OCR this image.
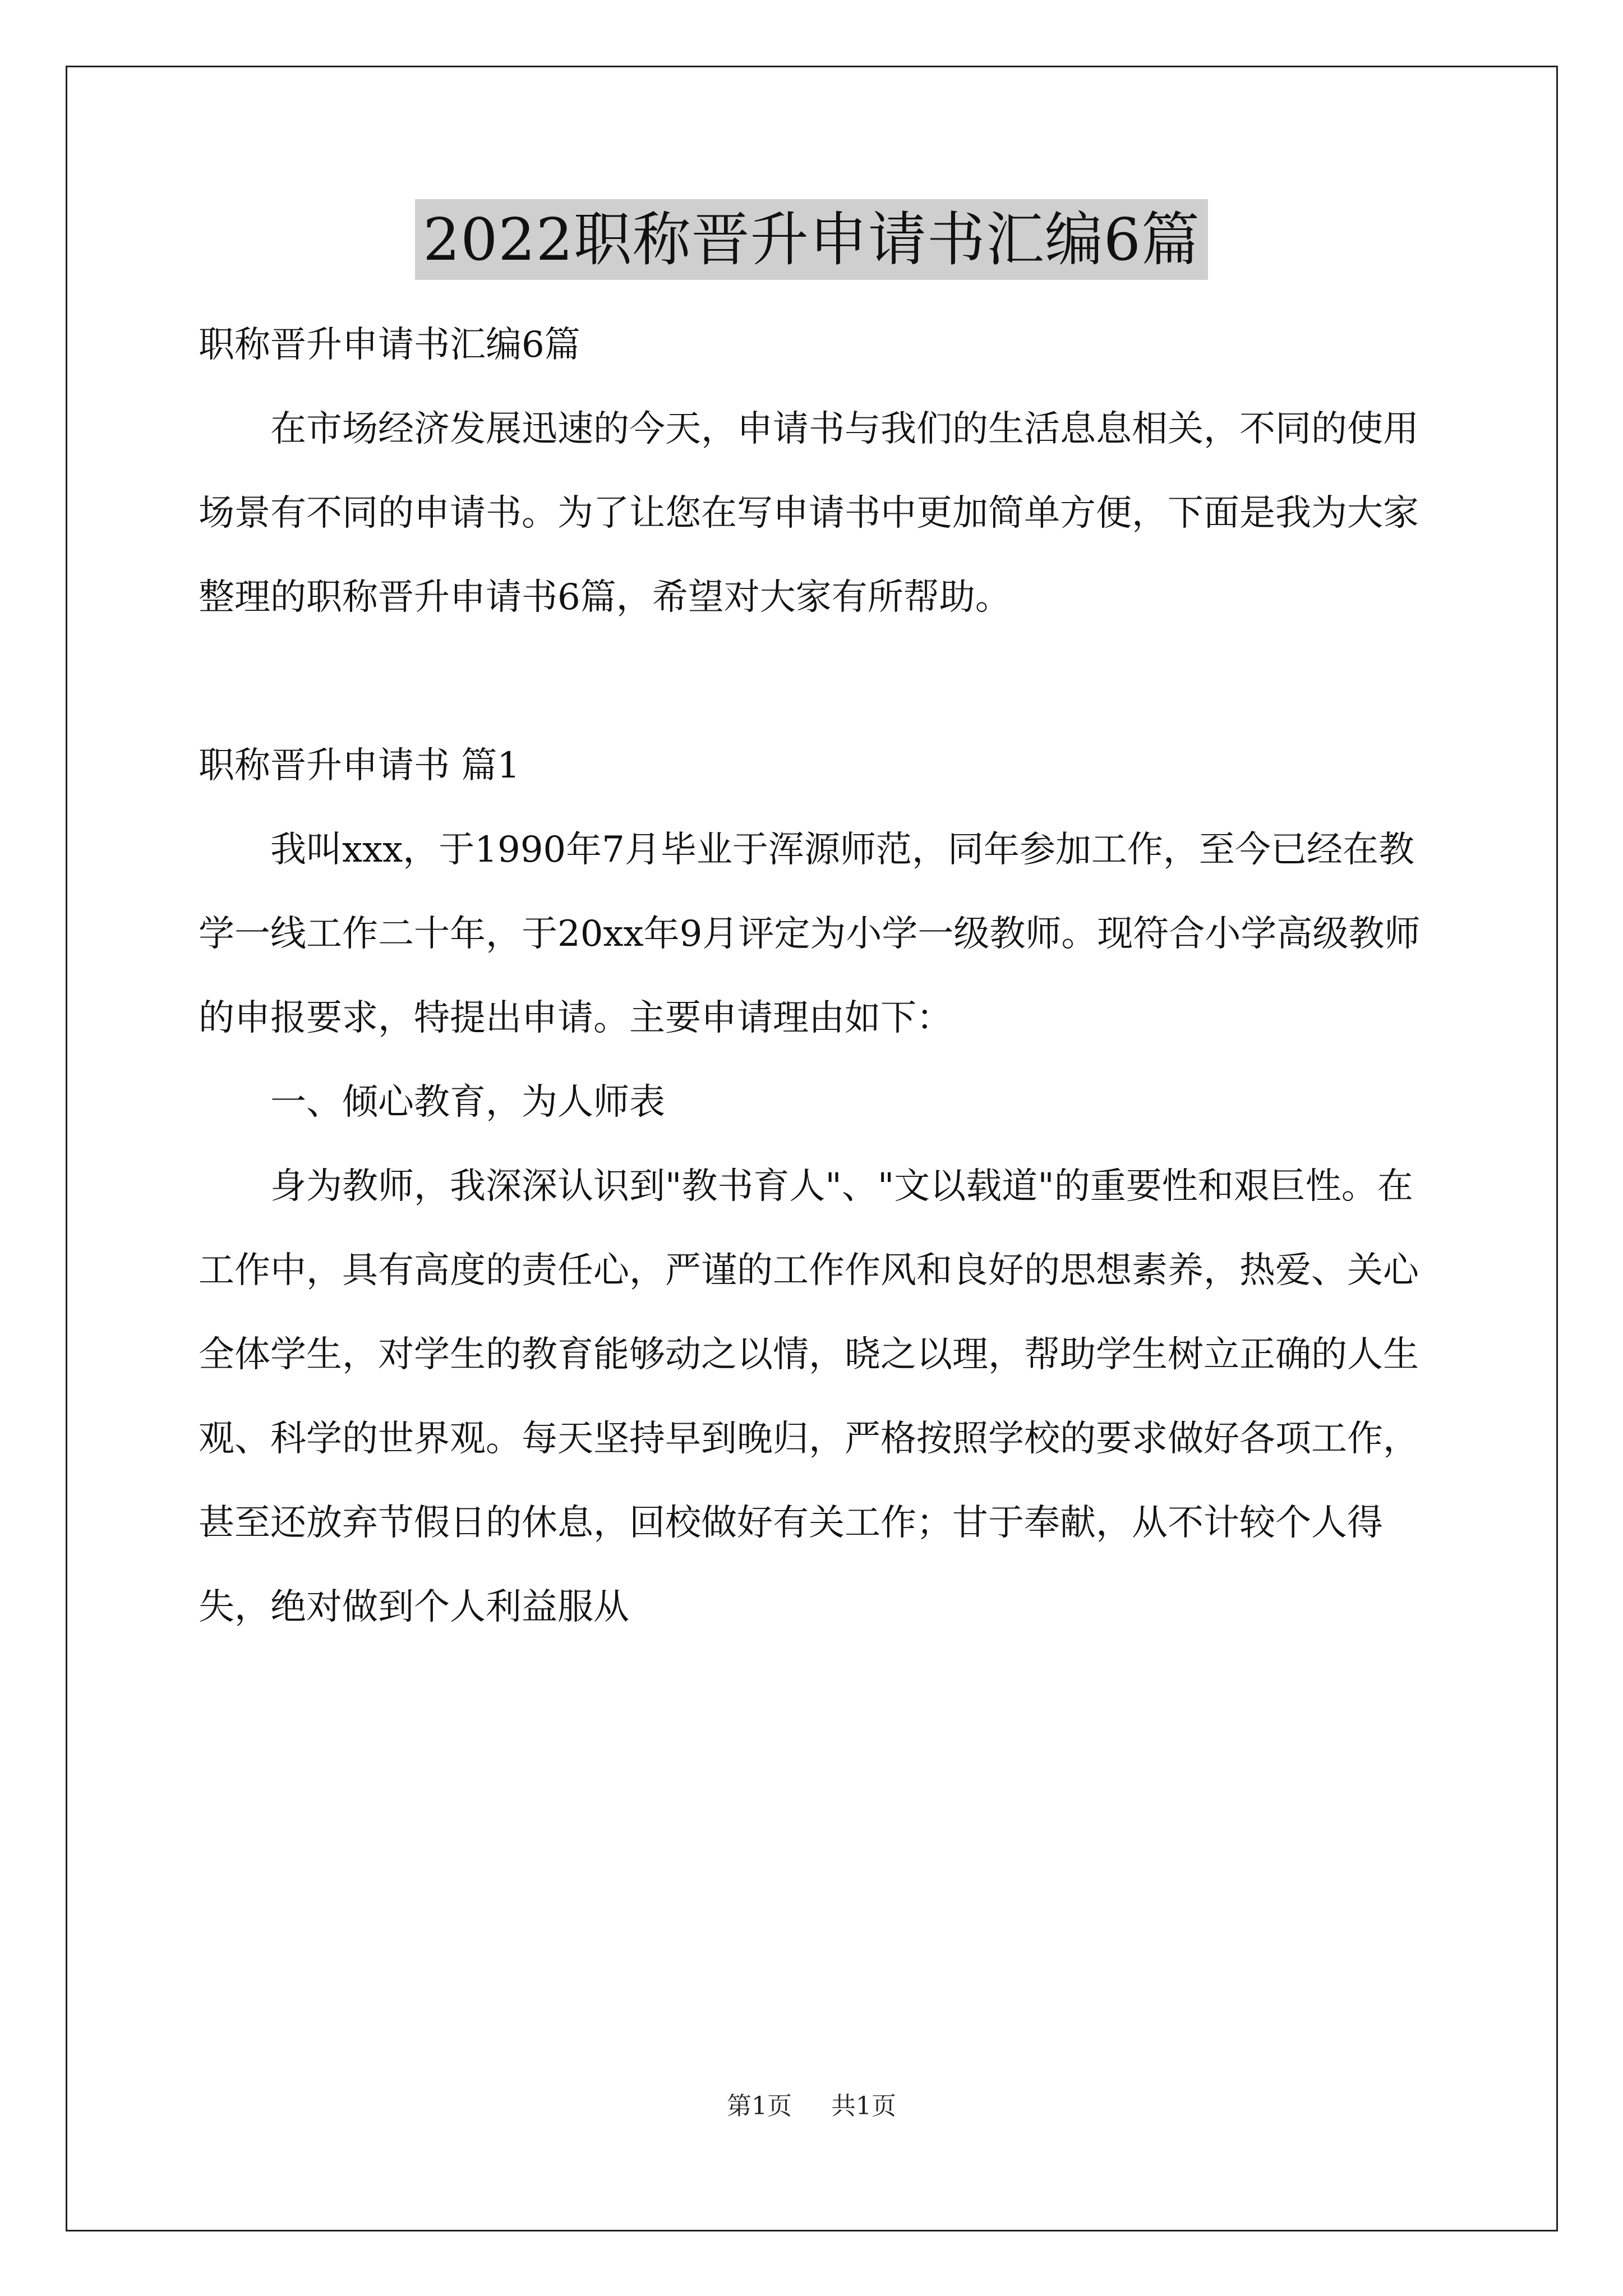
2022职称晋升申请书汇编6篇

职称晋升申请书汇编6篇

在市场经济发展迅速的今天，申请书与我们的生活息息相关，不同的使用场景有不同的申请书。为了让您在写申请书中更加简单方便，下面是我为大家整理的职称晋升申请书6篇，希望对大家有所帮助。

职称晋升申请书 篇1

我叫xxx，于1990年7月毕业于浑源师范，同年参加工作，至今已经在教学一线工作二十年，于20xx年9月评定为小学一级教师。现符合小学高级教师的申报要求，特提出申请。主要申请理由如下：

一、倾心教育，为人师表

身为教师，我深深认识到"教书育人"、"文以载道"的重要性和艰巨性。在工作中，具有高度的责任心，严谨的工作作风和良好的思想素养，热爱、关心全体学生，对学生的教育能够动之以情，晓之以理，帮助学生树立正确的人生观、科学的世界观。每天坚持早到晚归，严格按照学校的要求做好各项工作，甚至还放弃节假日的休息，回校做好有关工作；甘于奉献，从不计较个人得失，绝对做到个人利益服从

第1页 共1页
